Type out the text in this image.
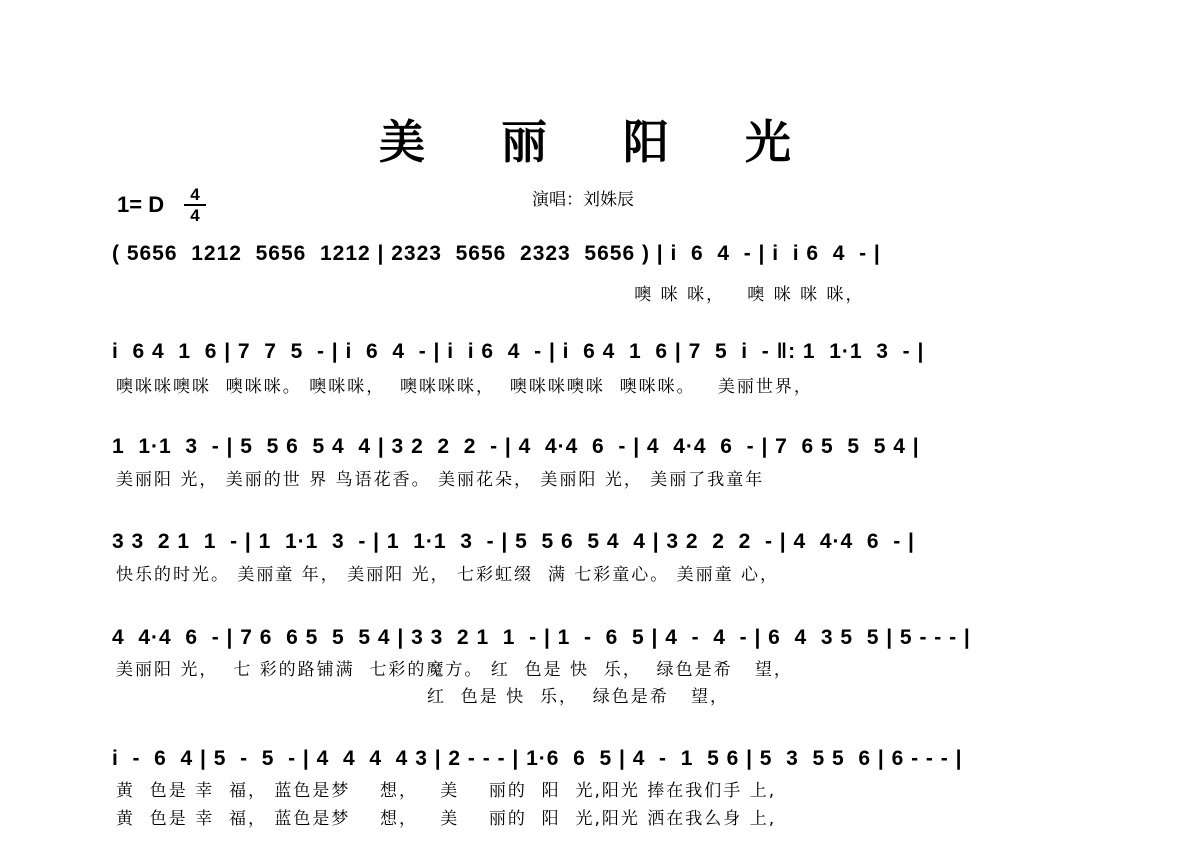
美 丽 阳 光
1= D	4
4
演唱：刘姝辰
( 5656  1212  5656  1212 | 2323  5656  2323  5656 ) | i  6  4  - | i  i 6  4  - |
噢 咪 咪，   噢 咪 咪 咪，
i  6 4  1  6 | 7  7  5  - | i  6  4  - | i  i 6  4  - | i  6 4  1  6 | 7  5  i  - ‖: 1  1·1  3  - |
噢咪咪噢咪  噢咪咪。 噢咪咪，  噢咪咪咪，  噢咪咪噢咪  噢咪咪。   美丽世界，
1  1·1  3  - | 5  5 6  5 4  4 | 3 2  2  2  - | 4  4·4  6  - | 4  4·4  6  - | 7  6 5  5  5 4 |
美丽阳 光， 美丽的世 界 鸟语花香。 美丽花朵， 美丽阳 光， 美丽了我童年
3 3  2 1  1  - | 1  1·1  3  - | 1  1·1  3  - | 5  5 6  5 4  4 | 3 2  2  2  - | 4  4·4  6  - |
快乐的时光。 美丽童 年， 美丽阳 光， 七彩虹缀  满 七彩童心。 美丽童 心，
4  4·4  6  - | 7 6  6 5  5  5 4 | 3 3  2 1  1  - | 1  -  6  5 | 4  -  4  - | 6  4  3 5  5 | 5 - - - |
美丽阳 光，  七 彩的路铺满  七彩的魔方。 红  色是 快  乐，  绿色是希   望，
红  色是 快  乐，  绿色是希   望，
i  -  6  4 | 5  -  5  - | 4  4  4  4 3 | 2 - - - | 1·6  6  5 | 4  -  1  5 6 | 5  3  5 5  6 | 6 - - - |
黄  色是 幸  福， 蓝色是梦    想，   美    丽的  阳  光,阳光 捧在我们手 上,
黄  色是 幸  福， 蓝色是梦    想，   美    丽的  阳  光,阳光 洒在我么身 上,
